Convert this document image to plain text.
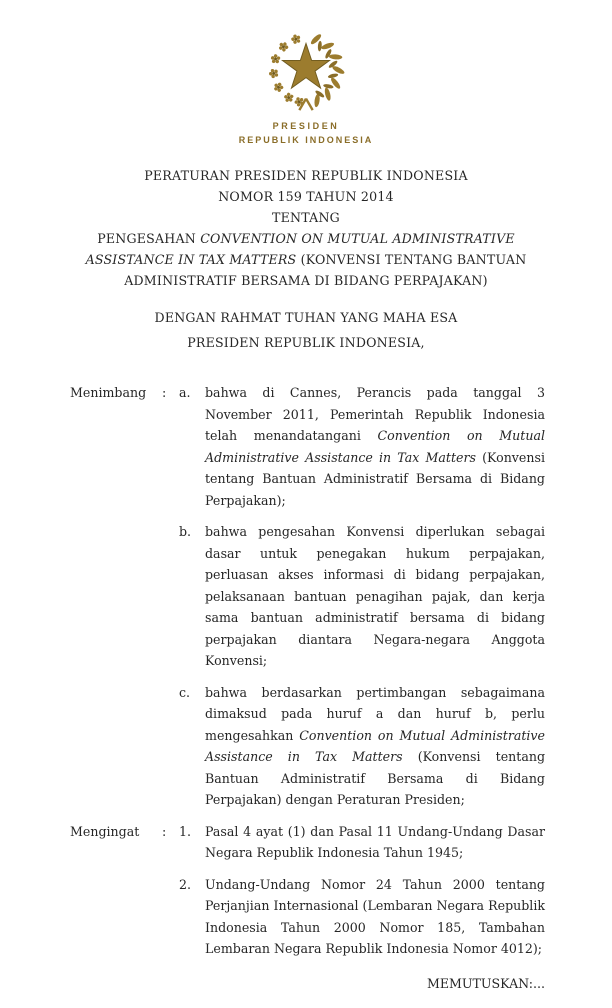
PRESIDEN
REPUBLIK INDONESIA
PERATURAN PRESIDEN REPUBLIK INDONESIA
NOMOR 159 TAHUN 2014
TENTANG
PENGESAHAN CONVENTION ON MUTUAL ADMINISTRATIVE ASSISTANCE IN TAX MATTERS (KONVENSI TENTANG BANTUAN ADMINISTRATIF BERSAMA DI BIDANG PERPAJAKAN)
DENGAN RAHMAT TUHAN YANG MAHA ESA
PRESIDEN REPUBLIK INDONESIA,
Menimbang	:	a.	bahwa di Cannes, Perancis pada tanggal 3 November 2011, Pemerintah Republik Indonesia telah menandatangani Convention on Mutual Administrative Assistance in Tax Matters (Konvensi tentang Bantuan Administratif Bersama di Bidang Perpajakan);
b.	bahwa pengesahan Konvensi diperlukan sebagai dasar untuk penegakan hukum perpajakan, perluasan akses informasi di bidang perpajakan, pelaksanaan bantuan penagihan pajak, dan kerja sama bantuan administratif bersama di bidang perpajakan diantara Negara-negara Anggota Konvensi;
c.	bahwa berdasarkan pertimbangan sebagaimana dimaksud pada huruf a dan huruf b, perlu mengesahkan Convention on Mutual Administrative Assistance in Tax Matters (Konvensi tentang Bantuan Administratif Bersama di Bidang Perpajakan) dengan Peraturan Presiden;
Mengingat	:	1.	Pasal 4 ayat (1) dan Pasal 11 Undang-Undang Dasar Negara Republik Indonesia Tahun 1945;
2.	Undang-Undang Nomor 24 Tahun 2000 tentang Perjanjian Internasional (Lembaran Negara Republik Indonesia Tahun 2000 Nomor 185, Tambahan Lembaran Negara Republik Indonesia Nomor 4012);
MEMUTUSKAN:...
